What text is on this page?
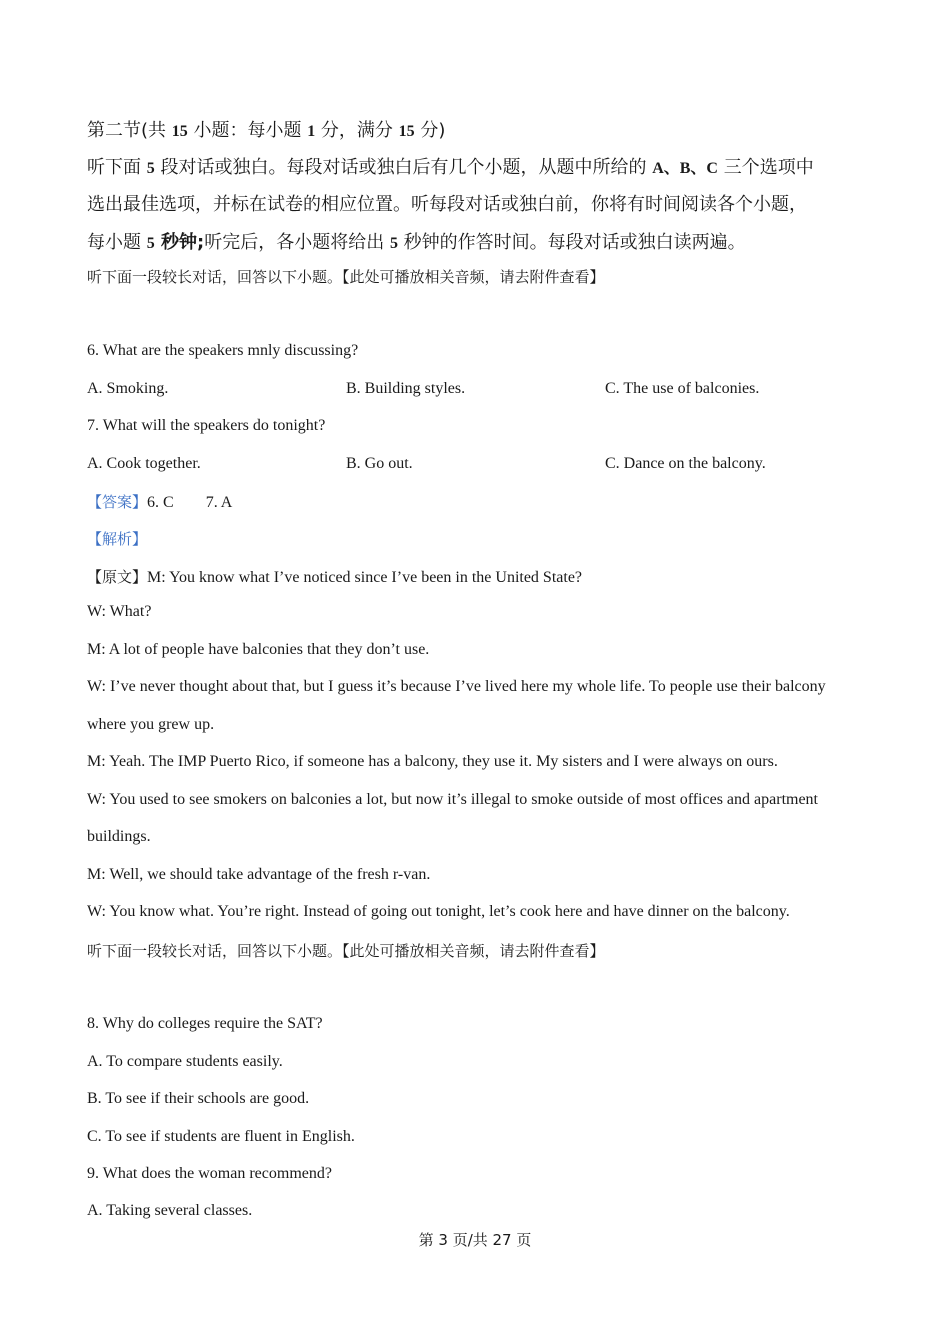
第二节(共 15 小题：每小题 1 分，满分 15 分)
听下面 5 段对话或独白。每段对话或独白后有几个小题，从题中所给的 A、B、C 三个选项中
选出最佳选项，并标在试卷的相应位置。听每段对话或独白前，你将有时间阅读各个小题，
每小题 5 秒钟;听完后，各小题将给出 5 秒钟的作答时间。每段对话或独白读两遍。
听下面一段较长对话，回答以下小题。【此处可播放相关音频，请去附件查看】
6. What are the speakers mnly discussing?
A. Smoking.	B. Building styles.	C. The use of balconies.
7. What will the speakers do tonight?
A. Cook together.	B. Go out.	C. Dance on the balcony.
【答案】6. C        7. A
【解析】
【原文】M: You know what I’ve noticed since I’ve been in the United State?
W: What?
M: A lot of people have balconies that they don’t use.
W: I’ve never thought about that, but I guess it’s because I’ve lived here my whole life. To people use their balcony
where you grew up.
M: Yeah. The IMP Puerto Rico, if someone has a balcony, they use it. My sisters and I were always on ours.
W: You used to see smokers on balconies a lot, but now it’s illegal to smoke outside of most offices and apartment
buildings.
M: Well, we should take advantage of the fresh r-van.
W: You know what. You’re right. Instead of going out tonight, let’s cook here and have dinner on the balcony.
听下面一段较长对话，回答以下小题。【此处可播放相关音频，请去附件查看】
8. Why do colleges require the SAT?
A. To compare students easily.
B. To see if their schools are good.
C. To see if students are fluent in English.
9. What does the woman recommend?
A. Taking several classes.
第 3 页/共 27 页
